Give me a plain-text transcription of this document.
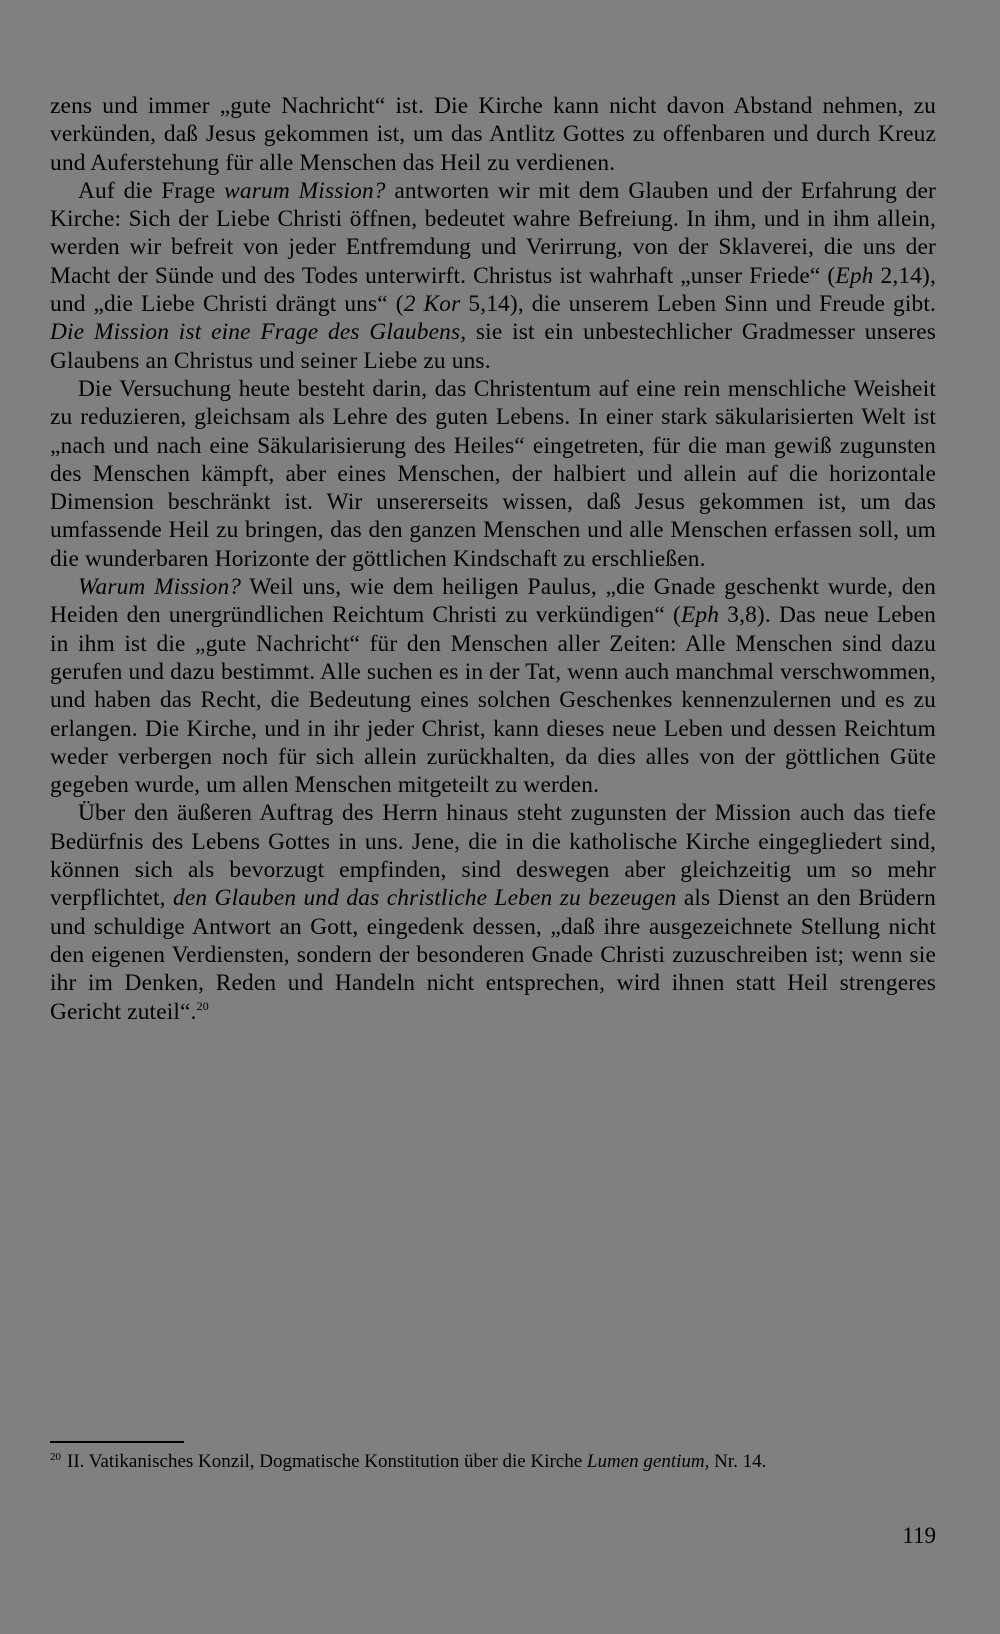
zens und immer „gute Nachricht“ ist. Die Kirche kann nicht davon Abstand nehmen, zu verkünden, daß Jesus gekommen ist, um das Antlitz Gottes zu offenbaren und durch Kreuz und Auferstehung für alle Menschen das Heil zu verdienen.

Auf die Frage warum Mission? antworten wir mit dem Glauben und der Erfahrung der Kirche: Sich der Liebe Christi öffnen, bedeutet wahre Befreiung. In ihm, und in ihm allein, werden wir befreit von jeder Entfremdung und Verirrung, von der Sklaverei, die uns der Macht der Sünde und des Todes unterwirft. Christus ist wahrhaft „unser Friede“ (Eph 2,14), und „die Liebe Christi drängt uns“ (2 Kor 5,14), die unserem Leben Sinn und Freude gibt. Die Mission ist eine Frage des Glaubens, sie ist ein unbestechlicher Gradmesser unseres Glaubens an Christus und seiner Liebe zu uns.

Die Versuchung heute besteht darin, das Christentum auf eine rein menschliche Weisheit zu reduzieren, gleichsam als Lehre des guten Lebens. In einer stark säkularisierten Welt ist „nach und nach eine Säkularisierung des Heiles“ eingetreten, für die man gewiß zugunsten des Menschen kämpft, aber eines Menschen, der halbiert und allein auf die horizontale Dimension beschränkt ist. Wir unsererseits wissen, daß Jesus gekommen ist, um das umfassende Heil zu bringen, das den ganzen Menschen und alle Menschen erfassen soll, um die wunderbaren Horizonte der göttlichen Kindschaft zu erschließen.

Warum Mission? Weil uns, wie dem heiligen Paulus, „die Gnade geschenkt wurde, den Heiden den unergründlichen Reichtum Christi zu verkündigen“ (Eph 3,8). Das neue Leben in ihm ist die „gute Nachricht“ für den Menschen aller Zeiten: Alle Menschen sind dazu gerufen und dazu bestimmt. Alle suchen es in der Tat, wenn auch manchmal verschwommen, und haben das Recht, die Bedeutung eines solchen Geschenkes kennenzulernen und es zu erlangen. Die Kirche, und in ihr jeder Christ, kann dieses neue Leben und dessen Reichtum weder verbergen noch für sich allein zurückhalten, da dies alles von der göttlichen Güte gegeben wurde, um allen Menschen mitgeteilt zu werden.

Über den äußeren Auftrag des Herrn hinaus steht zugunsten der Mission auch das tiefe Bedürfnis des Lebens Gottes in uns. Jene, die in die katholische Kirche eingegliedert sind, können sich als bevorzugt empfinden, sind deswegen aber gleichzeitig um so mehr verpflichtet, den Glauben und das christliche Leben zu bezeugen als Dienst an den Brüdern und schuldige Antwort an Gott, eingedenk dessen, „daß ihre ausgezeichnete Stellung nicht den eigenen Verdiensten, sondern der besonderen Gnade Christi zuzuschreiben ist; wenn sie ihr im Denken, Reden und Handeln nicht entsprechen, wird ihnen statt Heil strengeres Gericht zuteil“.$^{20}$

$^{20}$ II. Vatikanisches Konzil, Dogmatische Konstitution über die Kirche Lumen gentium, Nr. 14.
119
